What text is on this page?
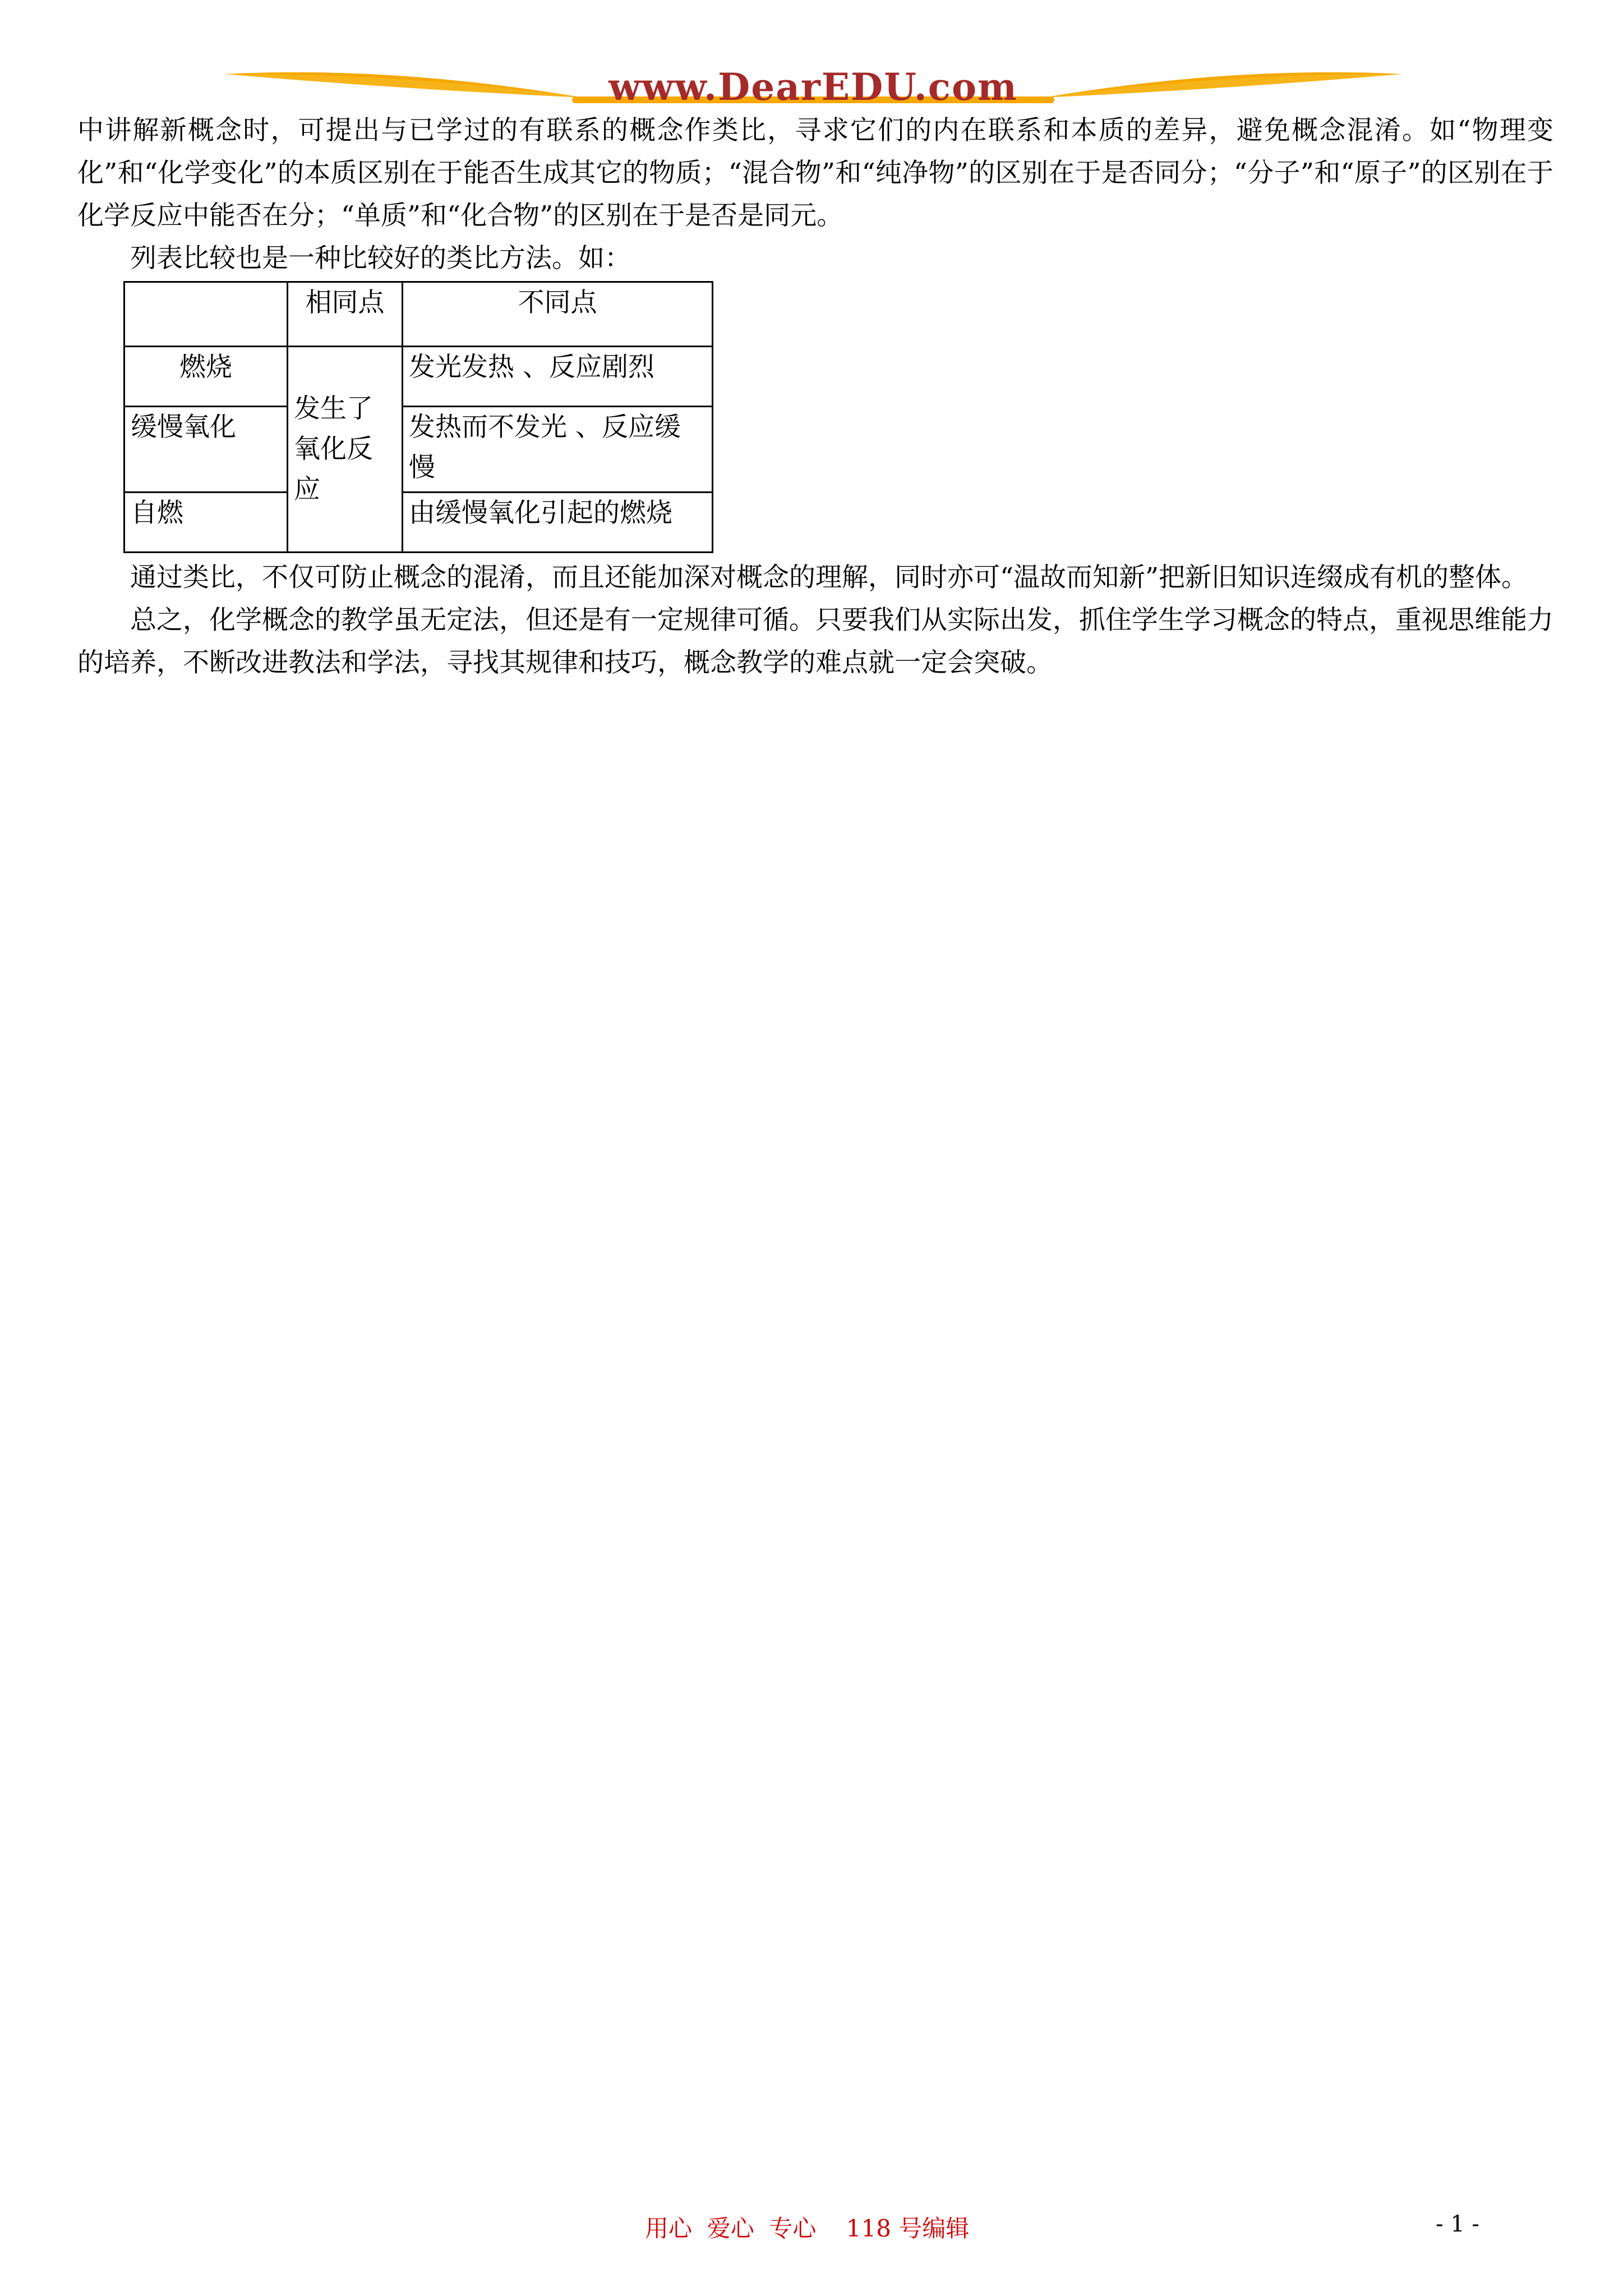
www.DearEDU.com

中讲解新概念时，可提出与已学过的有联系的概念作类比，寻求它们的内在联系和本质的差异，避免概念混淆。如“物理变化”和“化学变化”的本质区别在于能否生成其它的物质；“混合物”和“纯净物”的区别在于是否同分；“分子”和“原子”的区别在于化学反应中能否在分；“单质”和“化合物”的区别在于是否是同元。

列表比较也是一种比较好的类比方法。如：

	相同点	不同点
燃烧	发生了氧化反应	发光发热 、反应剧烈
缓慢氧化		发热而不发光 、反应缓慢
自燃		由缓慢氧化引起的燃烧

通过类比，不仅可防止概念的混淆，而且还能加深对概念的理解，同时亦可“温故而知新”把新旧知识连缀成有机的整体。

总之，化学概念的教学虽无定法，但还是有一定规律可循。只要我们从实际出发，抓住学生学习概念的特点，重视思维能力的培养，不断改进教法和学法，寻找其规律和技巧，概念教学的难点就一定会突破。

用心  爱心  专心    118 号编辑	- 1 -
